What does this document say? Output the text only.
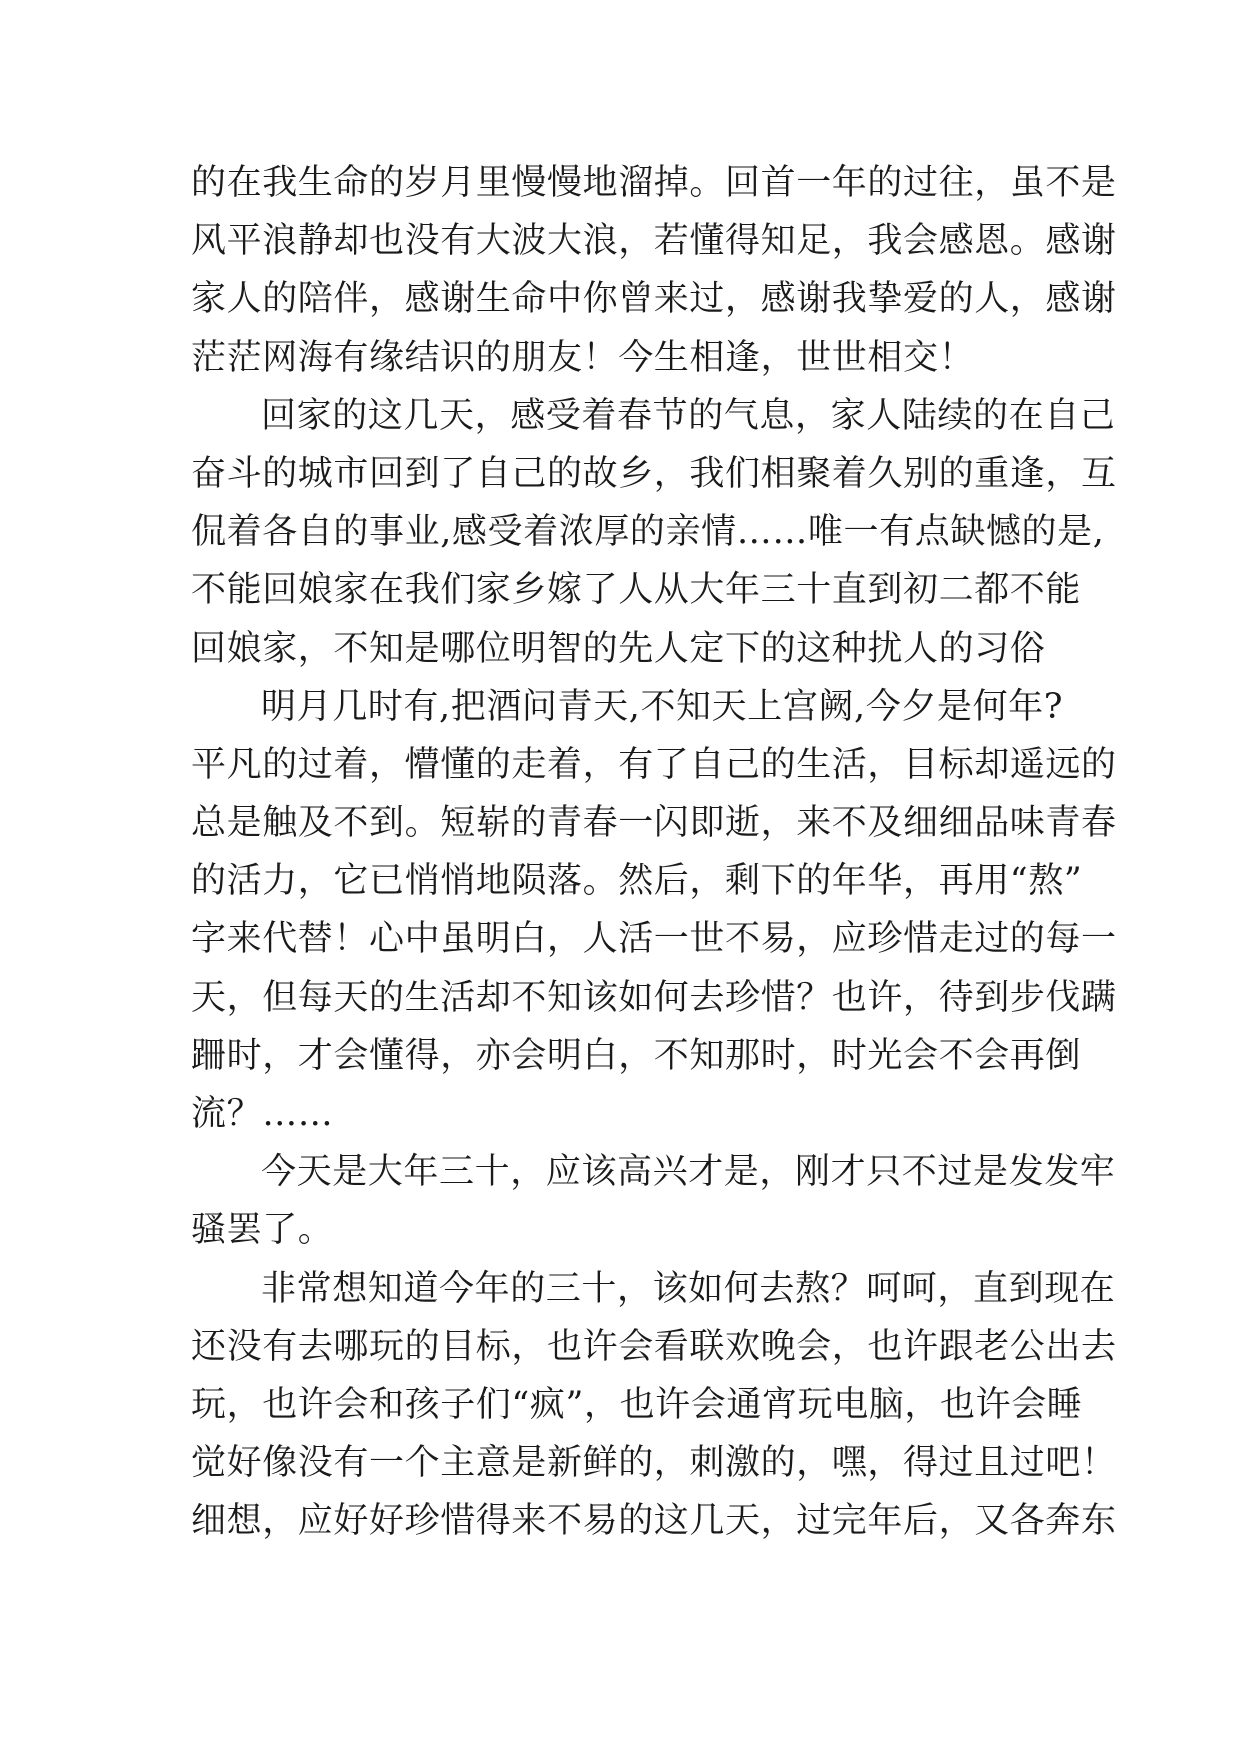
的在我生命的岁月里慢慢地溜掉。回首一年的过往，虽不是
风平浪静却也没有大波大浪，若懂得知足，我会感恩。感谢
家人的陪伴，感谢生命中你曾来过，感谢我挚爱的人，感谢
茫茫网海有缘结识的朋友！今生相逢，世世相交！
回家的这几天，感受着春节的气息，家人陆续的在自己
奋斗的城市回到了自己的故乡，我们相聚着久别的重逢，互
侃着各自的事业,感受着浓厚的亲情……唯一有点缺憾的是,
不能回娘家在我们家乡嫁了人从大年三十直到初二都不能
回娘家，不知是哪位明智的先人定下的这种扰人的习俗
明月几时有,把酒问青天,不知天上宫阙,今夕是何年?
平凡的过着，懵懂的走着，有了自己的生活，目标却遥远的
总是触及不到。短崭的青春一闪即逝，来不及细细品味青春
的活力，它已悄悄地陨落。然后，剩下的年华，再用“熬”
字来代替！心中虽明白，人活一世不易，应珍惜走过的每一
天，但每天的生活却不知该如何去珍惜？也许，待到步伐蹒
跚时，才会懂得，亦会明白，不知那时，时光会不会再倒
流？……
今天是大年三十，应该高兴才是，刚才只不过是发发牢
骚罢了。
非常想知道今年的三十，该如何去熬？呵呵，直到现在
还没有去哪玩的目标，也许会看联欢晚会，也许跟老公出去
玩，也许会和孩子们“疯”，也许会通宵玩电脑，也许会睡
觉好像没有一个主意是新鲜的，刺激的，嘿，得过且过吧！
细想，应好好珍惜得来不易的这几天，过完年后，又各奔东
